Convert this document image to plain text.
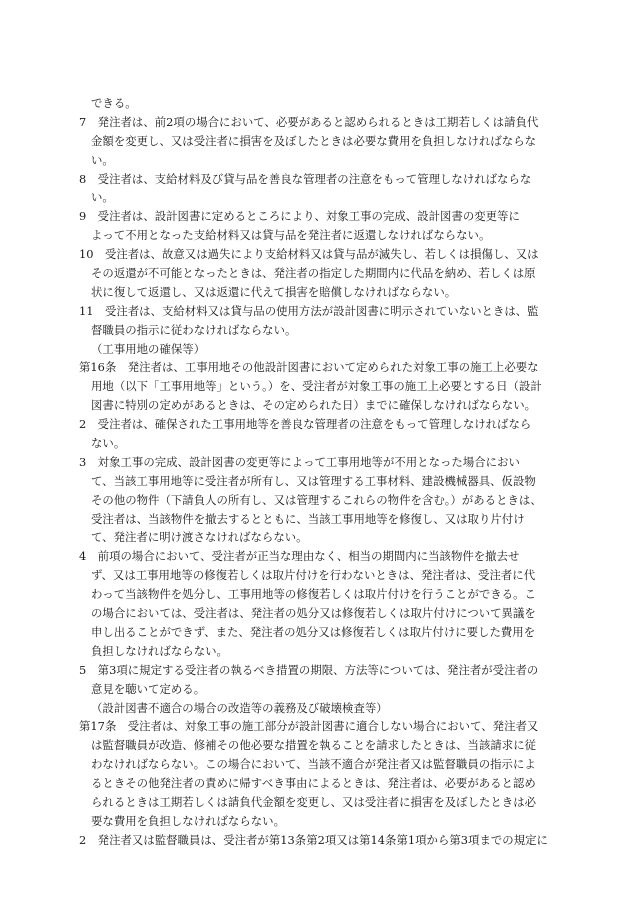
できる。
7　発注者は、前2項の場合において、必要があると認められるときは工期若しくは請負代
金額を変更し、又は受注者に損害を及ぼしたときは必要な費用を負担しなければならな
い。
8　受注者は、支給材料及び貸与品を善良な管理者の注意をもって管理しなければならな
い。
9　受注者は、設計図書に定めるところにより、対象工事の完成、設計図書の変更等に
よって不用となった支給材料又は貸与品を発注者に返還しなければならない。
10　受注者は、故意又は過失により支給材料又は貸与品が滅失し、若しくは損傷し、又は
その返還が不可能となったときは、発注者の指定した期間内に代品を納め、若しくは原
状に復して返還し、又は返還に代えて損害を賠償しなければならない。
11　受注者は、支給材料又は貸与品の使用方法が設計図書に明示されていないときは、監
督職員の指示に従わなければならない。
（工事用地の確保等）
第16条　発注者は、工事用地その他設計図書において定められた対象工事の施工上必要な
用地（以下「工事用地等」という。）を、受注者が対象工事の施工上必要とする日（設計
図書に特別の定めがあるときは、その定められた日）までに確保しなければならない。
2　受注者は、確保された工事用地等を善良な管理者の注意をもって管理しなければなら
ない。
3　対象工事の完成、設計図書の変更等によって工事用地等が不用となった場合におい
て、当該工事用地等に受注者が所有し、又は管理する工事材料、建設機械器具、仮設物
その他の物件（下請負人の所有し、又は管理するこれらの物件を含む。）があるときは、
受注者は、当該物件を撤去するとともに、当該工事用地等を修復し、又は取り片付け
て、発注者に明け渡さなければならない。
4　前項の場合において、受注者が正当な理由なく、相当の期間内に当該物件を撤去せ
ず、又は工事用地等の修復若しくは取片付けを行わないときは、発注者は、受注者に代
わって当該物件を処分し、工事用地等の修復若しくは取片付けを行うことができる。こ
の場合においては、受注者は、発注者の処分又は修復若しくは取片付けについて異議を
申し出ることができず、また、発注者の処分又は修復若しくは取片付けに要した費用を
負担しなければならない。
5　第3項に規定する受注者の執るべき措置の期限、方法等については、発注者が受注者の
意見を聴いて定める。
（設計図書不適合の場合の改造等の義務及び破壊検査等）
第17条　受注者は、対象工事の施工部分が設計図書に適合しない場合において、発注者又
は監督職員が改造、修補その他必要な措置を執ることを請求したときは、当該請求に従
わなければならない。この場合において、当該不適合が発注者又は監督職員の指示によ
るときその他発注者の責めに帰すべき事由によるときは、発注者は、必要があると認め
られるときは工期若しくは請負代金額を変更し、又は受注者に損害を及ぼしたときは必
要な費用を負担しなければならない。
2　発注者又は監督職員は、受注者が第13条第2項又は第14条第1項から第3項までの規定に
